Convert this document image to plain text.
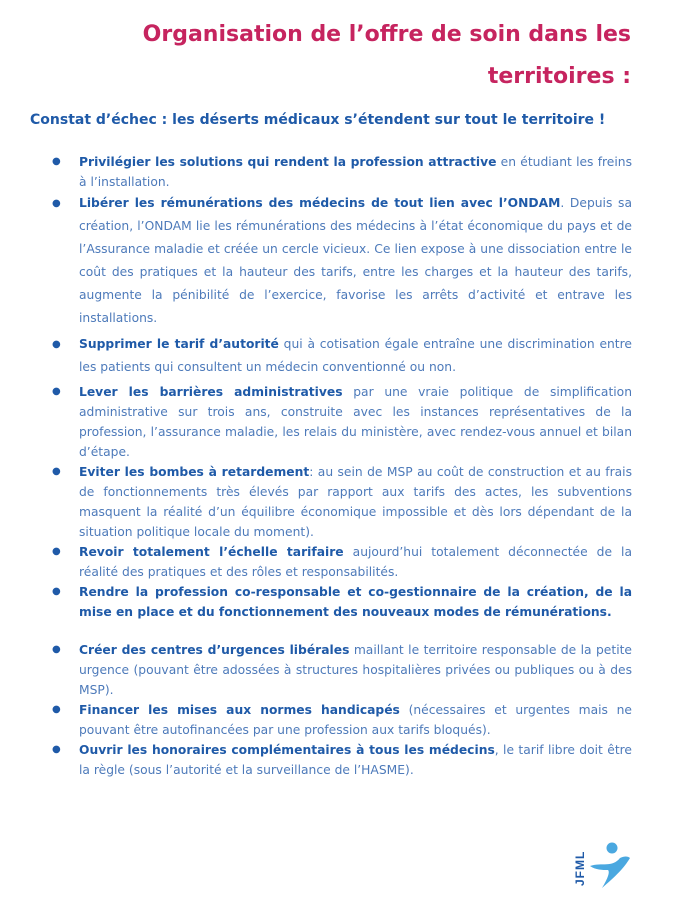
Organisation de l’offre de soin dans les territoires :
Constat d’échec : les déserts médicaux s’étendent sur tout le territoire !
● Privilégier les solutions qui rendent la profession attractive en étudiant les freins à l’installation.
● Libérer les rémunérations des médecins de tout lien avec l’ONDAM. Depuis sa création, l’ONDAM lie les rémunérations des médecins à l’état économique du pays et de l’Assurance maladie et créée un cercle vicieux. Ce lien expose à une dissociation entre le coût des pratiques et la hauteur des tarifs, entre les charges et la hauteur des tarifs, augmente la pénibilité de l’exercice, favorise les arrêts d’activité et entrave les installations.
● Supprimer le tarif d’autorité qui à cotisation égale entraîne une discrimination entre les patients qui consultent un médecin conventionné ou non.
● Lever les barrières administratives par une vraie politique de simplification administrative sur trois ans, construite avec les instances représentatives de la profession, l’assurance maladie, les relais du ministère, avec rendez-vous annuel et bilan d’étape.
● Eviter les bombes à retardement: au sein de MSP au coût de construction et au frais de fonctionnements très élevés par rapport aux tarifs des actes, les subventions masquent la réalité d’un équilibre économique impossible et dès lors dépendant de la situation politique locale du moment).
● Revoir totalement l’échelle tarifaire aujourd’hui totalement déconnectée de la réalité des pratiques et des rôles et responsabilités.
● Rendre la profession co-responsable et co-gestionnaire de la création, de la mise en place et du fonctionnement des nouveaux modes de rémunérations.
● Créer des centres d’urgences libérales maillant le territoire responsable de la petite urgence (pouvant être adossées à structures hospitalières privées ou publiques ou à des MSP).
● Financer les mises aux normes handicapés (nécessaires et urgentes mais ne pouvant être autofinancées par une profession aux tarifs bloqués).
● Ouvrir les honoraires complémentaires à tous les médecins, le tarif libre doit être la règle (sous l’autorité et la surveillance de l’HASME).
JFML
